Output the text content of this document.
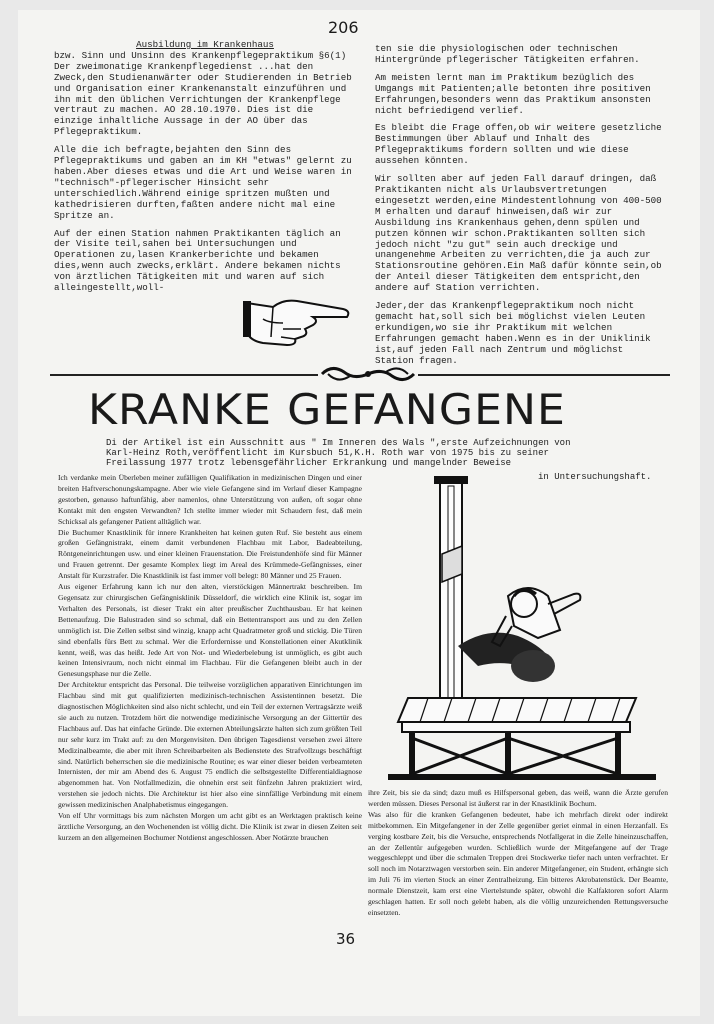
206
Ausbildung im Krankenhaus

bzw. Sinn und Unsinn des Krankenpflegepraktikum §6(1) Der zweimonatige Krankenpflegedienst ...hat den Zweck,den Studienanwärter oder Studierenden in Betrieb und Organisation einer Krankenanstalt einzuführen und ihn mit den üblichen Verrichtungen der Krankenpflege vertraut zu machen. AO 28.10.1970. Dies ist die einzige inhaltliche Aussage in der AO über das Pflegepraktikum.

Alle die ich befragte,bejahten den Sinn des Pflegepraktikums und gaben an im KH "etwas" gelernt zu haben.Aber dieses etwas und die Art und Weise waren in "technisch"-pflegerischer Hinsicht sehr unterschiedlich.Während einige spritzen mußten und kathedrisieren durften,faßten andere nicht mal eine Spritze an.

Auf der einen Station nahmen Praktikanten täglich an der Visite teil,sahen bei Untersuchungen und Operationen zu,lasen Krankerberichte und bekamen dies,wenn auch zwecks,erklärt. Andere bekamen nichts von ärztlichen Tätigkeiten mit und waren auf sich alleingestellt,woll-

ten sie die physiologischen oder technischen Hintergründe pflegerischer Tätigkeiten erfahren.

Am meisten lernt man im Praktikum bezüglich des Umgangs mit Patienten;alle betonten ihre positiven Erfahrungen,besonders wenn das Praktikum ansonsten nicht befriedigend verlief.

Es bleibt die Frage offen,ob wir weitere gesetzliche Bestimmungen über Ablauf und Inhalt des Pflegepraktikums fordern sollten und wie diese aussehen könnten.

Wir sollten aber auf jeden Fall darauf dringen, daß Praktikanten nicht als Urlaubsvertretungen eingesetzt werden,eine Mindestentlohnung von 400-500 M erhalten und darauf hinweisen,daß wir zur Ausbildung ins Krankenhaus gehen,denn spülen und putzen können wir schon.Praktikanten sollten sich jedoch nicht "zu gut" sein auch dreckige und unangenehme Arbeiten zu verrichten,die ja auch zur Stationsroutine gehören.Ein Maß dafür könnte sein,ob der Anteil dieser Tätigkeiten dem entspricht,den andere auf Station verrichten.

Jeder,der das Krankenpflegepraktikum noch nicht gemacht hat,soll sich bei möglichst vielen Leuten erkundigen,wo sie ihr Praktikum mit welchen Erfahrungen gemacht haben.Wenn es in der Uniklinik ist,auf jeden Fall nach Zentrum und möglichst Station fragen.

KRANKE GEFANGENE
Di der Artikel ist ein Ausschnitt aus " Im Inneren des Wals ",erste Aufzeichnungen von Karl-Heinz Roth,veröffentlicht im Kursbuch 51,K.H. Roth war von 1975 bis zu seiner Freilassung 1977 trotz lebensgefährlicher Erkrankung und mangelnder Beweise
in Untersuchungshaft.

Ich verdanke mein Überleben meiner zufälligen Qualifikation in medizinischen Dingen und einer breiten Haftverschonungskampagne. Aber wie viele Gefangene sind im Verlauf dieser Kampagne gestorben, genauso haftunfähig, aber namenlos, ohne Unterstützung von außen, oft sogar ohne Kontakt mit den engsten Verwandten? Ich stellte immer wieder mit Schaudern fest, daß mein Schicksal als gefangener Patient alltäglich war.

Die Buchumer Knastklinik für innere Krankheiten hat keinen guten Ruf. Sie besteht aus einem großen Gefängnistrakt, einem damit verbundenen Flachbau mit Labor, Badeabteilung, Röntgeneinrichtungen usw. und einer kleinen Frauenstation. Die Freistundenhöfe sind für Männer und Frauen getrennt. Der gesamte Komplex liegt im Areal des Krümmede-Gefängnisses, einer Anstalt für Kurzstrafer. Die Knastklinik ist fast immer voll belegt: 80 Männer und 25 Frauen.

Aus eigener Erfahrung kann ich nur den alten, vierstöckigen Männertrakt beschreiben. Im Gegensatz zur chirurgischen Gefängnisklinik Düsseldorf, die wirklich eine Klinik ist, sogar im Verhalten des Personals, ist dieser Trakt ein alter preußischer Zuchthausbau. Er hat keinen Bettenaufzug. Die Balustraden sind so schmal, daß ein Bettentransport aus und zu den Zellen unmöglich ist. Die Zellen selbst sind winzig, knapp acht Quadratmeter groß und stickig. Die Türen sind ebenfalls fürs Bett zu schmal. Wer die Erfordernisse und Konstellationen einer Akutklinik kennt, weiß, was das heißt. Jede Art von Not- und Wiederbelebung ist unmöglich, es gibt auch keinen Intensivraum, noch nicht einmal im Flachbau. Für die Gefangenen bleibt auch in der Genesungsphase nur die Zelle.

Der Architektur entspricht das Personal. Die teilweise vorzüglichen apparativen Einrichtungen im Flachbau sind mit gut qualifizierten medizinisch-technischen Assistentinnen besetzt. Die diagnostischen Möglichkeiten sind also nicht schlecht, und ein Teil der externen Vertragsärzte weiß sie auch zu nutzen. Trotzdem hört die notwendige medizinische Versorgung an der Gittertür des Flachbaus auf. Das hat einfache Gründe. Die externen Abteilungsärzte halten sich zum größten Teil nur sehr kurz im Trakt auf: zu den Morgenvisiten. Den übrigen Tagesdienst versehen zwei ältere Medizinalbeamte, die aber mit ihren Schreibarbeiten als Bedienstete des Strafvollzugs beschäftigt sind. Natürlich beherrschen sie die medizinische Routine; es war einer dieser beiden verbeamteten Internisten, der mir am Abend des 6. August 75 endlich die selbstgestellte Differentialdiagnose abgenommen hat. Von Notfallmedizin, die ohnehin erst seit fünfzehn Jahren praktiziert wird, verstehen sie jedoch nichts. Die Architektur ist hier also eine sinnfällige Verbindung mit einem gewissen medizinischen Analphabetismus eingegangen.

Von elf Uhr vormittags bis zum nächsten Morgen um acht gibt es an Werktagen praktisch keine ärztliche Versorgung, an den Wochenenden ist völlig dicht. Die Klinik ist zwar in diesen Zeiten seit kurzem an den allgemeinen Bochumer Notdienst angeschlossen. Aber Notärzte brauchen

ihre Zeit, bis sie da sind; dazu muß es Hilfspersonal geben, das weiß, wann die Ärzte gerufen werden müssen. Dieses Personal ist äußerst rar in der Knastklinik Bochum.

Was also für die kranken Gefangenen bedeutet, habe ich mehrfach direkt oder indirekt mitbekommen. Ein Mitgefangener in der Zelle gegenüber geriet einmal in einen Herzanfall. Es verging kostbare Zeit, bis die Versuche, entsprechends Notfallgerat in die Zelle hineinzuschaffen, an der Zellentür aufgegeben wurden. Schließlich wurde der Mitgefangene auf der Trage weggeschleppt und über die schmalen Treppen drei Stockwerke tiefer nach unten verfrachtet. Er soll noch im Notarztwagen verstorben sein. Ein anderer Mitgefangener, ein Student, erhängte sich im Juli 76 im vierten Stock an einer Zentralheizung. Ein bitteres Akrobatenstück. Der Beamte, normale Dienstzeit, kam erst eine Viertelstunde später, obwohl die Kalfaktoren sofort Alarm geschlagen hatten. Er soll noch gelebt haben, als die völlig unzureichenden Rettungsversuche einsetzten.

36
